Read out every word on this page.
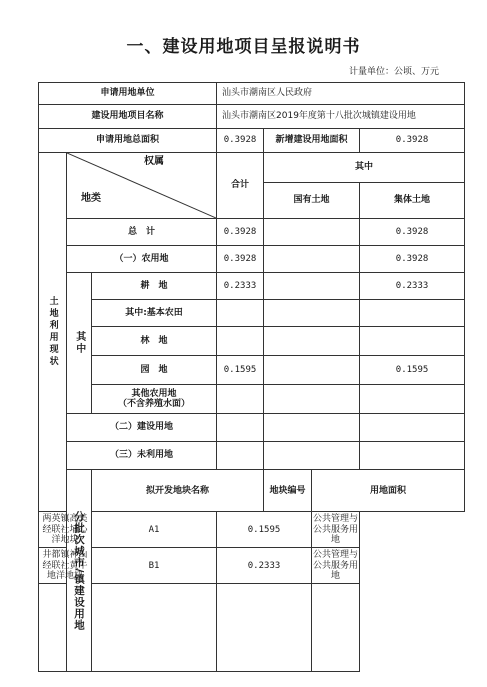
一、建设用地项目呈报说明书
计量单位：公顷、万元
申请用地单位			汕头市潮南区人民政府				
建设用地项目名称			汕头市潮南区2019年度第十八批次城镇建设用地				
申请用地总面积			0.3928	新增建设用地面积		0.3928	
土地利用现状	权属
地类		合计	其中			
				国有土地		集体土地	
	总　计		0.3928			0.3928	
	（一）农用地		0.3928			0.3928	
	其中	耕　地	0.2333			0.2333	
		其中:基本农田					
		林　地					
		园　地	0.1595			0.1595	

		其他农用地
（不含养殖水面）					

	（二）建设用地						
	（三）未利用地						
	分批次城市/镇建设用地	拟开发地块名称		地块编号	用地面积	
两英镇高美经联社埔心洋地块		A1	0.1595		公共管理与公共服务用地		
井都镇神山经联社黄牛地洋地块		B1	0.2333		公共管理与公共服务用地		
